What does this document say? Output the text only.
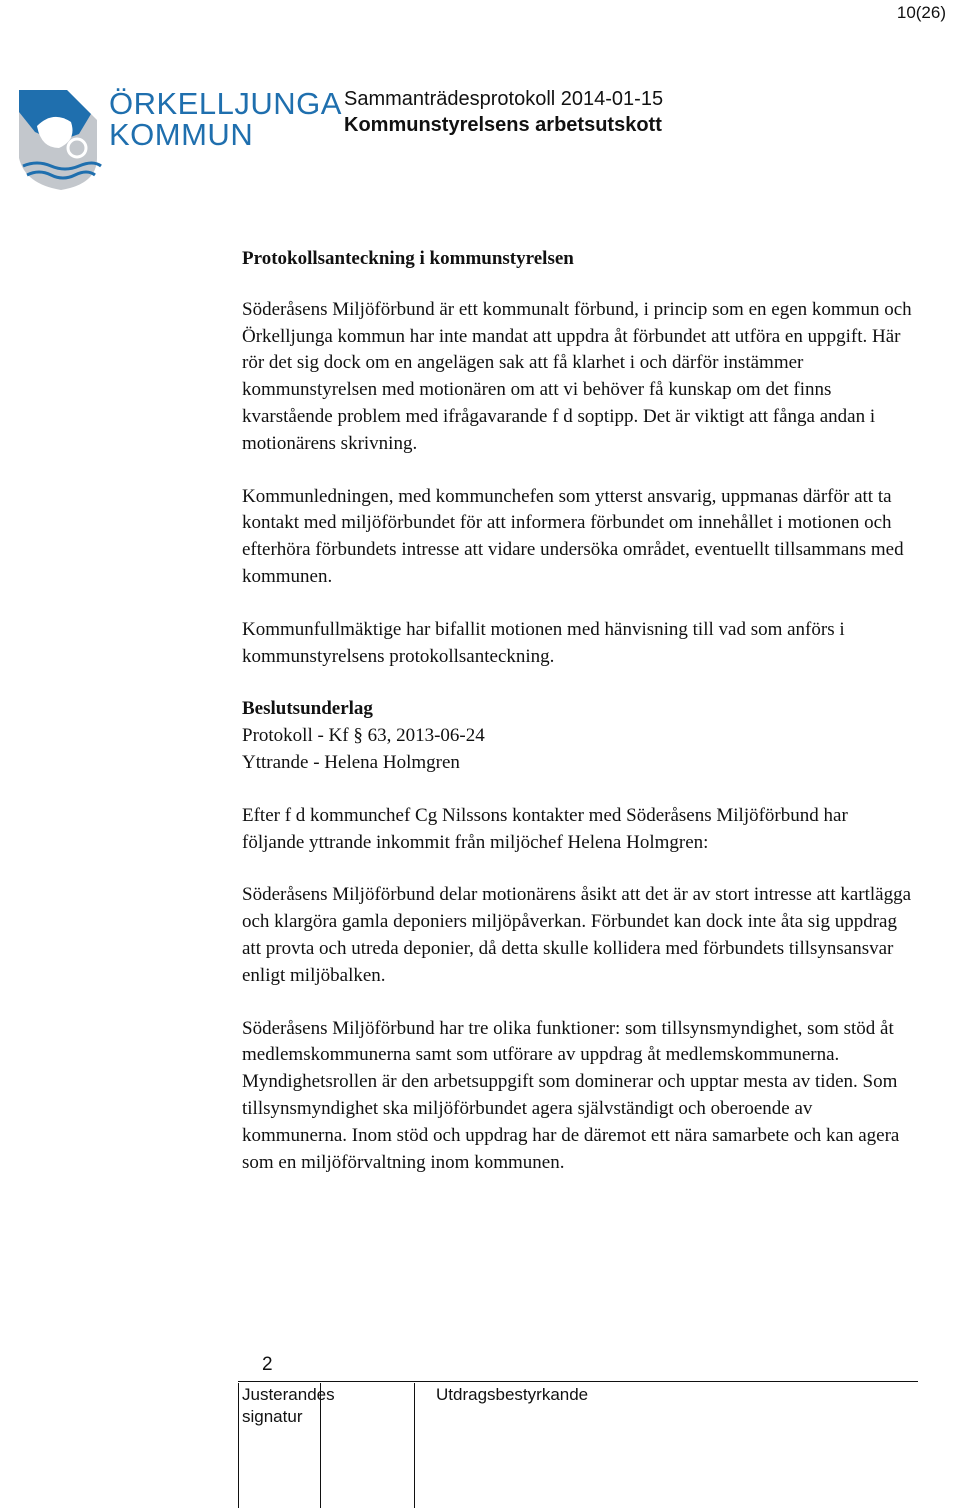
10(26)
ÖRKELLJUNGA
KOMMUN
Sammanträdesprotokoll 2014-01-15
Kommunstyrelsens arbetsutskott

Protokollsanteckning i kommunstyrelsen

Söderåsens Miljöförbund är ett kommunalt förbund, i princip som en egen kommun och Örkelljunga kommun har inte mandat att uppdra åt förbundet att utföra en uppgift. Här rör det sig dock om en angelägen sak att få klarhet i och därför instämmer kommunstyrelsen med motionären om att vi behöver få kunskap om det finns kvarstående problem med ifrågavarande f d soptipp. Det är viktigt att fånga andan i motionärens skrivning.

Kommunledningen, med kommunchefen som ytterst ansvarig, uppmanas därför att ta kontakt med miljöförbundet för att informera förbundet om innehållet i motionen och efterhöra förbundets intresse att vidare undersöka området, eventuellt tillsammans med kommunen.

Kommunfullmäktige har bifallit motionen med hänvisning till vad som anförs i kommunstyrelsens protokollsanteckning.

Beslutsunderlag

Protokoll - Kf § 63, 2013-06-24

Yttrande - Helena Holmgren

Efter f d kommunchef Cg Nilssons kontakter med Söderåsens Miljöförbund har följande yttrande inkommit från miljöchef Helena Holmgren:

Söderåsens Miljöförbund delar motionärens åsikt att det är av stort intresse att kartlägga och klargöra gamla deponiers miljöpåverkan. Förbundet kan dock inte åta sig uppdrag att provta och utreda deponier, då detta skulle kollidera med förbundets tillsynsansvar enligt miljöbalken.

Söderåsens Miljöförbund har tre olika funktioner: som tillsynsmyndighet, som stöd åt medlemskommunerna samt som utförare av uppdrag åt medlemskommunerna. Myndighetsrollen är den arbetsuppgift som dominerar och upptar mesta av tiden. Som tillsynsmyndighet ska miljöförbundet agera självständigt och oberoende av kommunerna. Inom stöd och uppdrag har de däremot ett nära samarbete och kan agera som en miljöförvaltning inom kommunen.

2
Justerandes signatur
Utdragsbestyrkande
